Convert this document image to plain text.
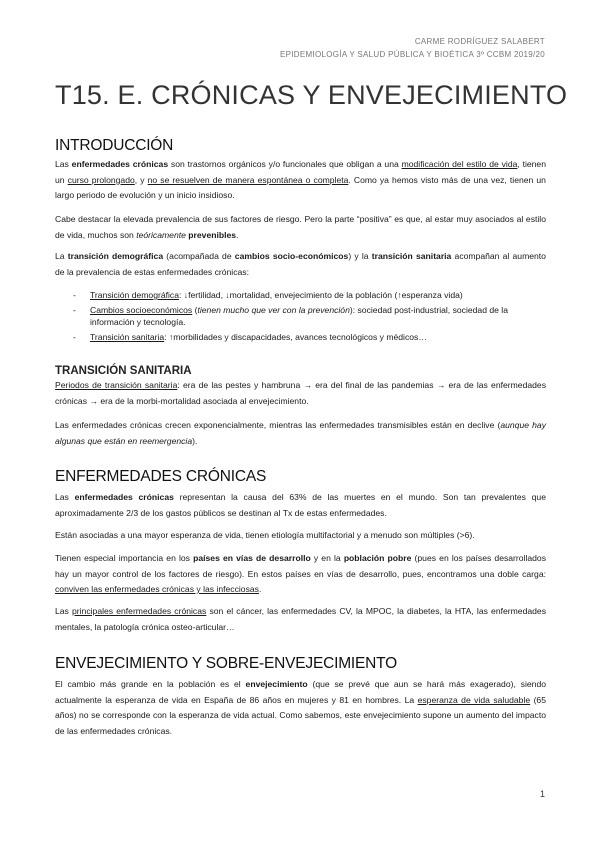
CARME RODRÍGUEZ SALABERT
EPIDEMIOLOGÍA Y SALUD PÚBLICA Y BIOÉTICA 3º CCBM 2019/20
T15. E. CRÓNICAS Y ENVEJECIMIENTO
INTRODUCCIÓN

Las enfermedades crónicas son trastornos orgánicos y/o funcionales que obligan a una modificación del estilo de vida, tienen un curso prolongado, y no se resuelven de manera espontánea o completa. Como ya hemos visto más de una vez, tienen un largo periodo de evolución y un inicio insidioso.

Cabe destacar la elevada prevalencia de sus factores de riesgo. Pero la parte “positiva” es que, al estar muy asociados al estilo de vida, muchos son teóricamente prevenibles.

La transición demográfica (acompañada de cambios socio-económicos) y la transición sanitaria acompañan al aumento de la prevalencia de estas enfermedades crónicas:

- Transición demográfica: ↓fertilidad, ↓mortalidad, envejecimiento de la población (↑esperanza vida)
- Cambios socioeconómicos (tienen mucho que ver con la prevención): sociedad post-industrial, sociedad de la información y tecnología.
- Transición sanitaria: ↑morbilidades y discapacidades, avances tecnológicos y médicos…
TRANSICIÓN SANITARIA

Periodos de transición sanitaria: era de las pestes y hambruna → era del final de las pandemias → era de las enfermedades crónicas → era de la morbi-mortalidad asociada al envejecimiento.

Las enfermedades crónicas crecen exponencialmente, mientras las enfermedades transmisibles están en declive (aunque hay algunas que están en reemergencia).

ENFERMEDADES CRÓNICAS

Las enfermedades crónicas representan la causa del 63% de las muertes en el mundo. Son tan prevalentes que aproximadamente 2/3 de los gastos públicos se destinan al Tx de estas enfermedades.

Están asociadas a una mayor esperanza de vida, tienen etiología multifactorial y a menudo son múltiples (>6).

Tienen especial importancia en los países en vías de desarrollo y en la población pobre (pues en los países desarrollados hay un mayor control de los factores de riesgo). En estos países en vías de desarrollo, pues, encontramos una doble carga: conviven las enfermedades crónicas y las infecciosas.

Las principales enfermedades crónicas son el cáncer, las enfermedades CV, la MPOC, la diabetes, la HTA, las enfermedades mentales, la patología crónica osteo-articular…

ENVEJECIMIENTO Y SOBRE-ENVEJECIMIENTO

El cambio más grande en la población es el envejecimiento (que se prevé que aun se hará más exagerado), siendo actualmente la esperanza de vida en España de 86 años en mujeres y 81 en hombres. La esperanza de vida saludable (65 años) no se corresponde con la esperanza de vida actual. Como sabemos, este envejecimiento supone un aumento del impacto de las enfermedades crónicas.

1
